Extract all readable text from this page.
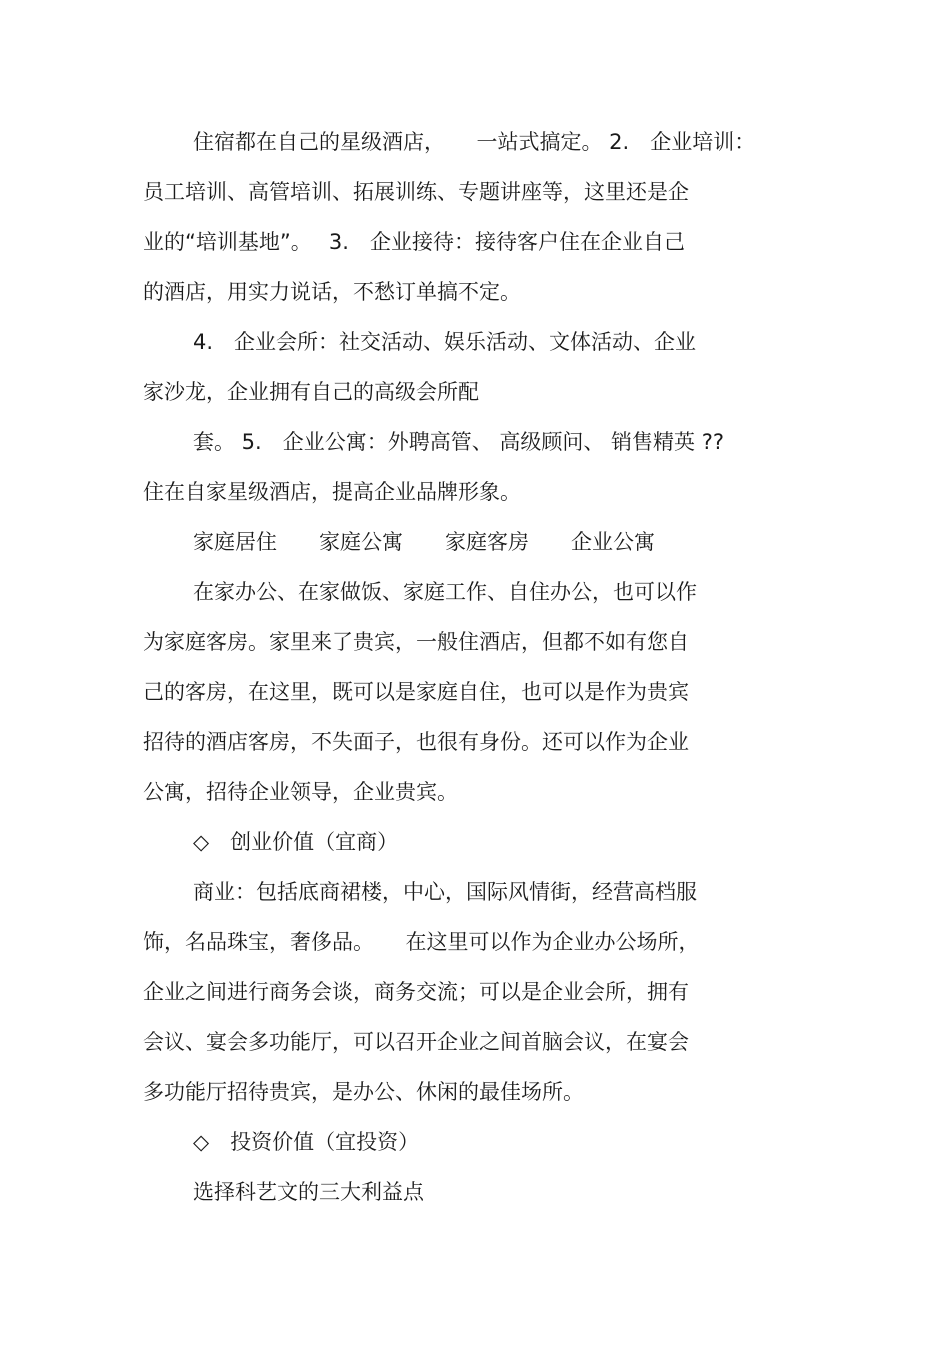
住宿都在自己的星级酒店，　　一站式搞定。 2.　企业培训：
员工培训、高管培训、拓展训练、专题讲座等，这里还是企
业的“培训基地”。　 3.　企业接待：接待客户住在企业自己
的酒店，用实力说话，不愁订单搞不定。
4.　企业会所：社交活动、娱乐活动、文体活动、企业
家沙龙，企业拥有自己的高级会所配
套。 5.　企业公寓：外聘高管、 高级顾问、 销售精英 ??
住在自家星级酒店，提高企业品牌形象。
家庭居住　　家庭公寓　　家庭客房　　企业公寓
在家办公、在家做饭、家庭工作、自住办公，也可以作
为家庭客房。家里来了贵宾，一般住酒店，但都不如有您自
己的客房，在这里，既可以是家庭自住，也可以是作为贵宾
招待的酒店客房，不失面子，也很有身份。还可以作为企业
公寓，招待企业领导，企业贵宾。
◇　创业价值（宜商）
商业：包括底商裙楼，中心，国际风情街，经营高档服
饰，名品珠宝，奢侈品。　　在这里可以作为企业办公场所，
企业之间进行商务会谈，商务交流；可以是企业会所，拥有
会议、宴会多功能厅，可以召开企业之间首脑会议，在宴会
多功能厅招待贵宾，是办公、休闲的最佳场所。
◇　投资价值（宜投资）
选择科艺文的三大利益点
